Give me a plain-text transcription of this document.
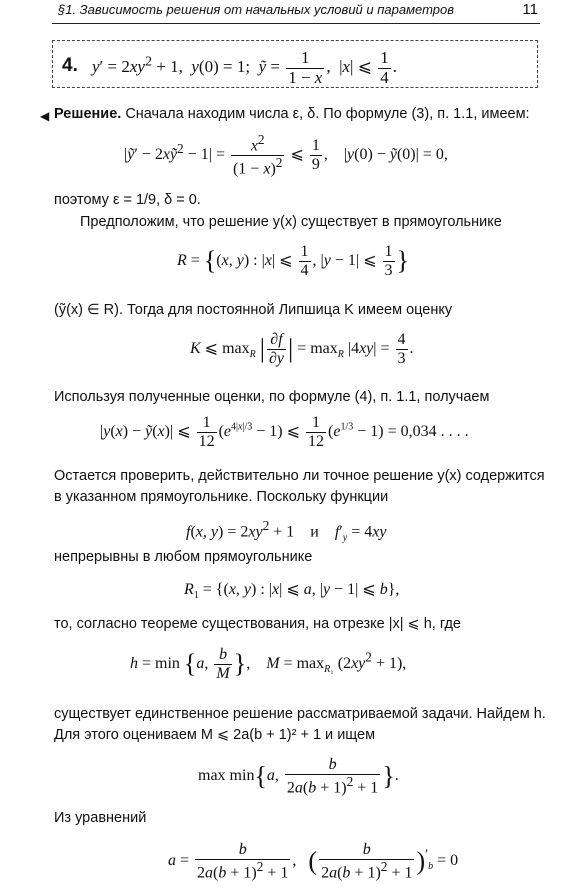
§1. Зависимость решения от начальных условий и параметров	11
4. $y' = 2xy^2 + 1$,  y(0) = 1;  ỹ = $\frac{1}{1 - x}$ ,  |x| ⩽ $\frac{1}{4}$ .
◀ Решение. Сначала находим числа ε, δ. По формуле (3), п. 1.1, имеем:
|ỹ′ − 2xỹ$^2$ − $1| = \frac{x^2}{(1 - x)^2}$ ⩽ $\frac{1}{9}$ ,    |y(0) − ỹ(0)| = 0,
поэтому ε = 1/9, δ = 0.
Предположим, что решение y(x) существует в прямоугольнике
R = {(x, y) : |x| ⩽ $\frac{1}{4}$ , |y − 1| ⩽ $\frac{1}{3}$ }
(ỹ(x) ∈ R). Тогда для постоянной Липшица K имеем оценку
K ⩽ $\max_R$ | $\frac{\partial f}{\partial y}$ | = $\max_R |4xy| = \frac{4}{3}$ .
Используя полученные оценки, по формуле (4), п. 1.1, получаем
|y(x) − ỹ(x)| ⩽ $\frac{1}{12} (e^{4|x|/3} - 1)$ ⩽ $\frac{1}{12} (e^{1/3} - 1) = 0,034$ . . . .
Остается проверить, действительно ли точное решение y(x) содержится
в указанном прямоугольнике. Поскольку функции
f(x, $y) = 2xy^2 + 1$    и    $f'_y = 4xy$
непрерывны в любом прямоугольнике
$R_1 = \{(x$, y) : |x| ⩽ a, |y − 1| ⩽ b},
то, согласно теореме существования, на отрезке |x| ⩽ h, где
h = min {a, $\frac{b}{M}$ },    $M = \max_{R_1} (2xy^2 + 1)$,
существует единственное решение рассматриваемой задачи. Найдем h.
Для этого оцениваем M ⩽ 2a(b + 1)² + 1 и ищем
max min{a, $\frac{b}{2a(b + 1)^2 + 1}$ }.
Из уравнений
$a = \frac{b}{2a(b + 1)^2 + 1}$ ,   ( $\frac{b}{2a(b + 1)^2 + 1} )'_b = 0$
